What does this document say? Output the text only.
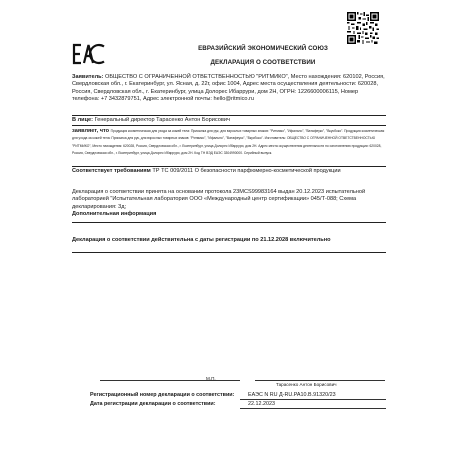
ЕВРАЗИЙСКИЙ ЭКОНОМИЧЕСКИЙ СОЮЗ
ДЕКЛАРАЦИЯ О СООТВЕТСТВИИ
Заявитель: ОБЩЕСТВО С ОГРАНИЧЕННОЙ ОТВЕТСТВЕННОСТЬЮ "РИТМИКО", Место нахождения: 620102, Россия, Свердловская обл., г. Екатеринбург, ул. Ясная, д. 22г, офис 1004, Адрес места осуществления деятельности: 620028, Россия, Свердловская обл., г. Екатеринбург, улица Долорес Ибаррури, дом 2Н, ОГРН: 1226600006115, Номер телефона: +7 3432879751, Адрес электронной почты: hello@ritmico.ru
В лице: Генеральный директор Тарасенко Антон Борисович
заявляет, что Продукция косметическая для ухода за кожей тела: Присыпка для рук, для взрослых товарных знаков: "Ритмико", "Ифально", "Ватафеукс", "Вкусбоко". Продукция косметическая для ухода за кожей тела: Присыпка для рук, для взрослых товарных знаков: "Ритмико", "Ифально", "Ватафеукс", "Вкусбоко". Изготовитель: ОБЩЕСТВО С ОГРАНИЧЕННОЙ ОТВЕТСТВЕННОСТЬЮ "РИТМИКО", Место нахождения: 620028, Россия, Свердловская обл., г. Екатеринбург, улица Долорес Ибаррури, дом 2Н. Адрес места осуществления деятельности по изготовлению продукции: 620028, Россия, Свердловская обл., г. Екатеринбург, улица Долорес Ибаррури, дом 2Н. Код ТН ВЭД ЕАЭС 3304990000. Серийный выпуск.
Соответствует требованиям ТР ТС 009/2011 О безопасности парфюмерно-косметической продукции
Декларация о соответствии принята на основании протокола 23MCS99983164 выдан 20.12.2023 испытательной лабораторией "Испытательная лаборатория ООО «Международный центр сертификации» 045/Т-088; Схема декларирования: 3д;
Дополнительная информация
Декларация о соответствии действительна с даты регистрации по 21.12.2028 включительно
М.П.
Тарасенко Антон Борисович
Регистрационный номер декларации о соответствии:	ЕАЭС N RU Д-RU.PA10.B.91320/23
Дата регистрации декларации о соответствии:	22.12.2023
